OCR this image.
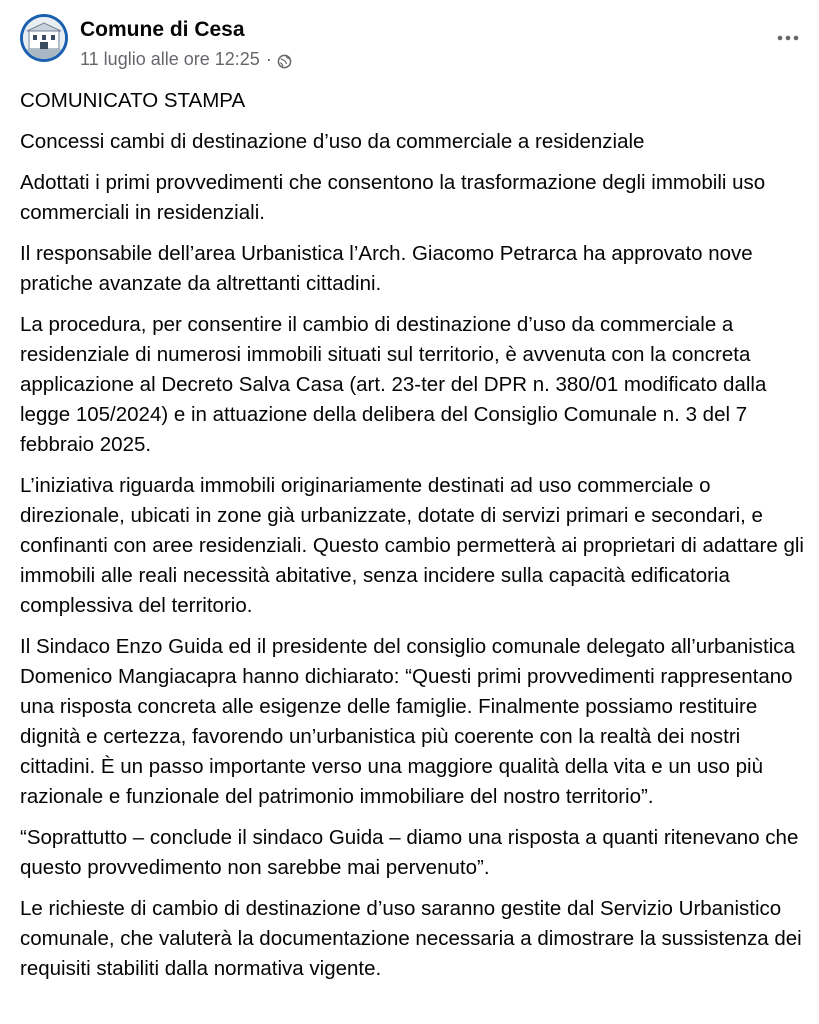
Comune di Cesa
11 luglio alle ore 12:25 ·

COMUNICATO STAMPA

Concessi cambi di destinazione d’uso da commerciale a residenziale

Adottati i primi provvedimenti che consentono la trasformazione degli immobili uso commerciali in residenziali.

Il responsabile dell’area Urbanistica l’Arch. Giacomo Petrarca ha approvato nove pratiche avanzate da altrettanti cittadini.

La procedura, per consentire il cambio di destinazione d’uso da commerciale a residenziale di numerosi immobili situati sul territorio, è avvenuta con la concreta applicazione al Decreto Salva Casa (art. 23-ter del DPR n. 380/01 modificato dalla legge 105/2024) e in attuazione della delibera del Consiglio Comunale n. 3 del 7 febbraio 2025.

L’iniziativa riguarda immobili originariamente destinati ad uso commerciale o direzionale, ubicati in zone già urbanizzate, dotate di servizi primari e secondari, e confinanti con aree residenziali. Questo cambio permetterà ai proprietari di adattare gli immobili alle reali necessità abitative, senza incidere sulla capacità edificatoria complessiva del territorio.

Il Sindaco Enzo Guida ed il presidente del consiglio comunale delegato all’urbanistica Domenico Mangiacapra hanno dichiarato: “Questi primi provvedimenti rappresentano una risposta concreta alle esigenze delle famiglie. Finalmente possiamo restituire dignità e certezza, favorendo un’urbanistica più coerente con la realtà dei nostri cittadini. È un passo importante verso una maggiore qualità della vita e un uso più razionale e funzionale del patrimonio immobiliare del nostro territorio”.

“Soprattutto – conclude il sindaco Guida – diamo una risposta a quanti ritenevano che questo provvedimento non sarebbe mai pervenuto”.

Le richieste di cambio di destinazione d’uso saranno gestite dal Servizio Urbanistico comunale, che valuterà la documentazione necessaria a dimostrare la sussistenza dei requisiti stabiliti dalla normativa vigente.
